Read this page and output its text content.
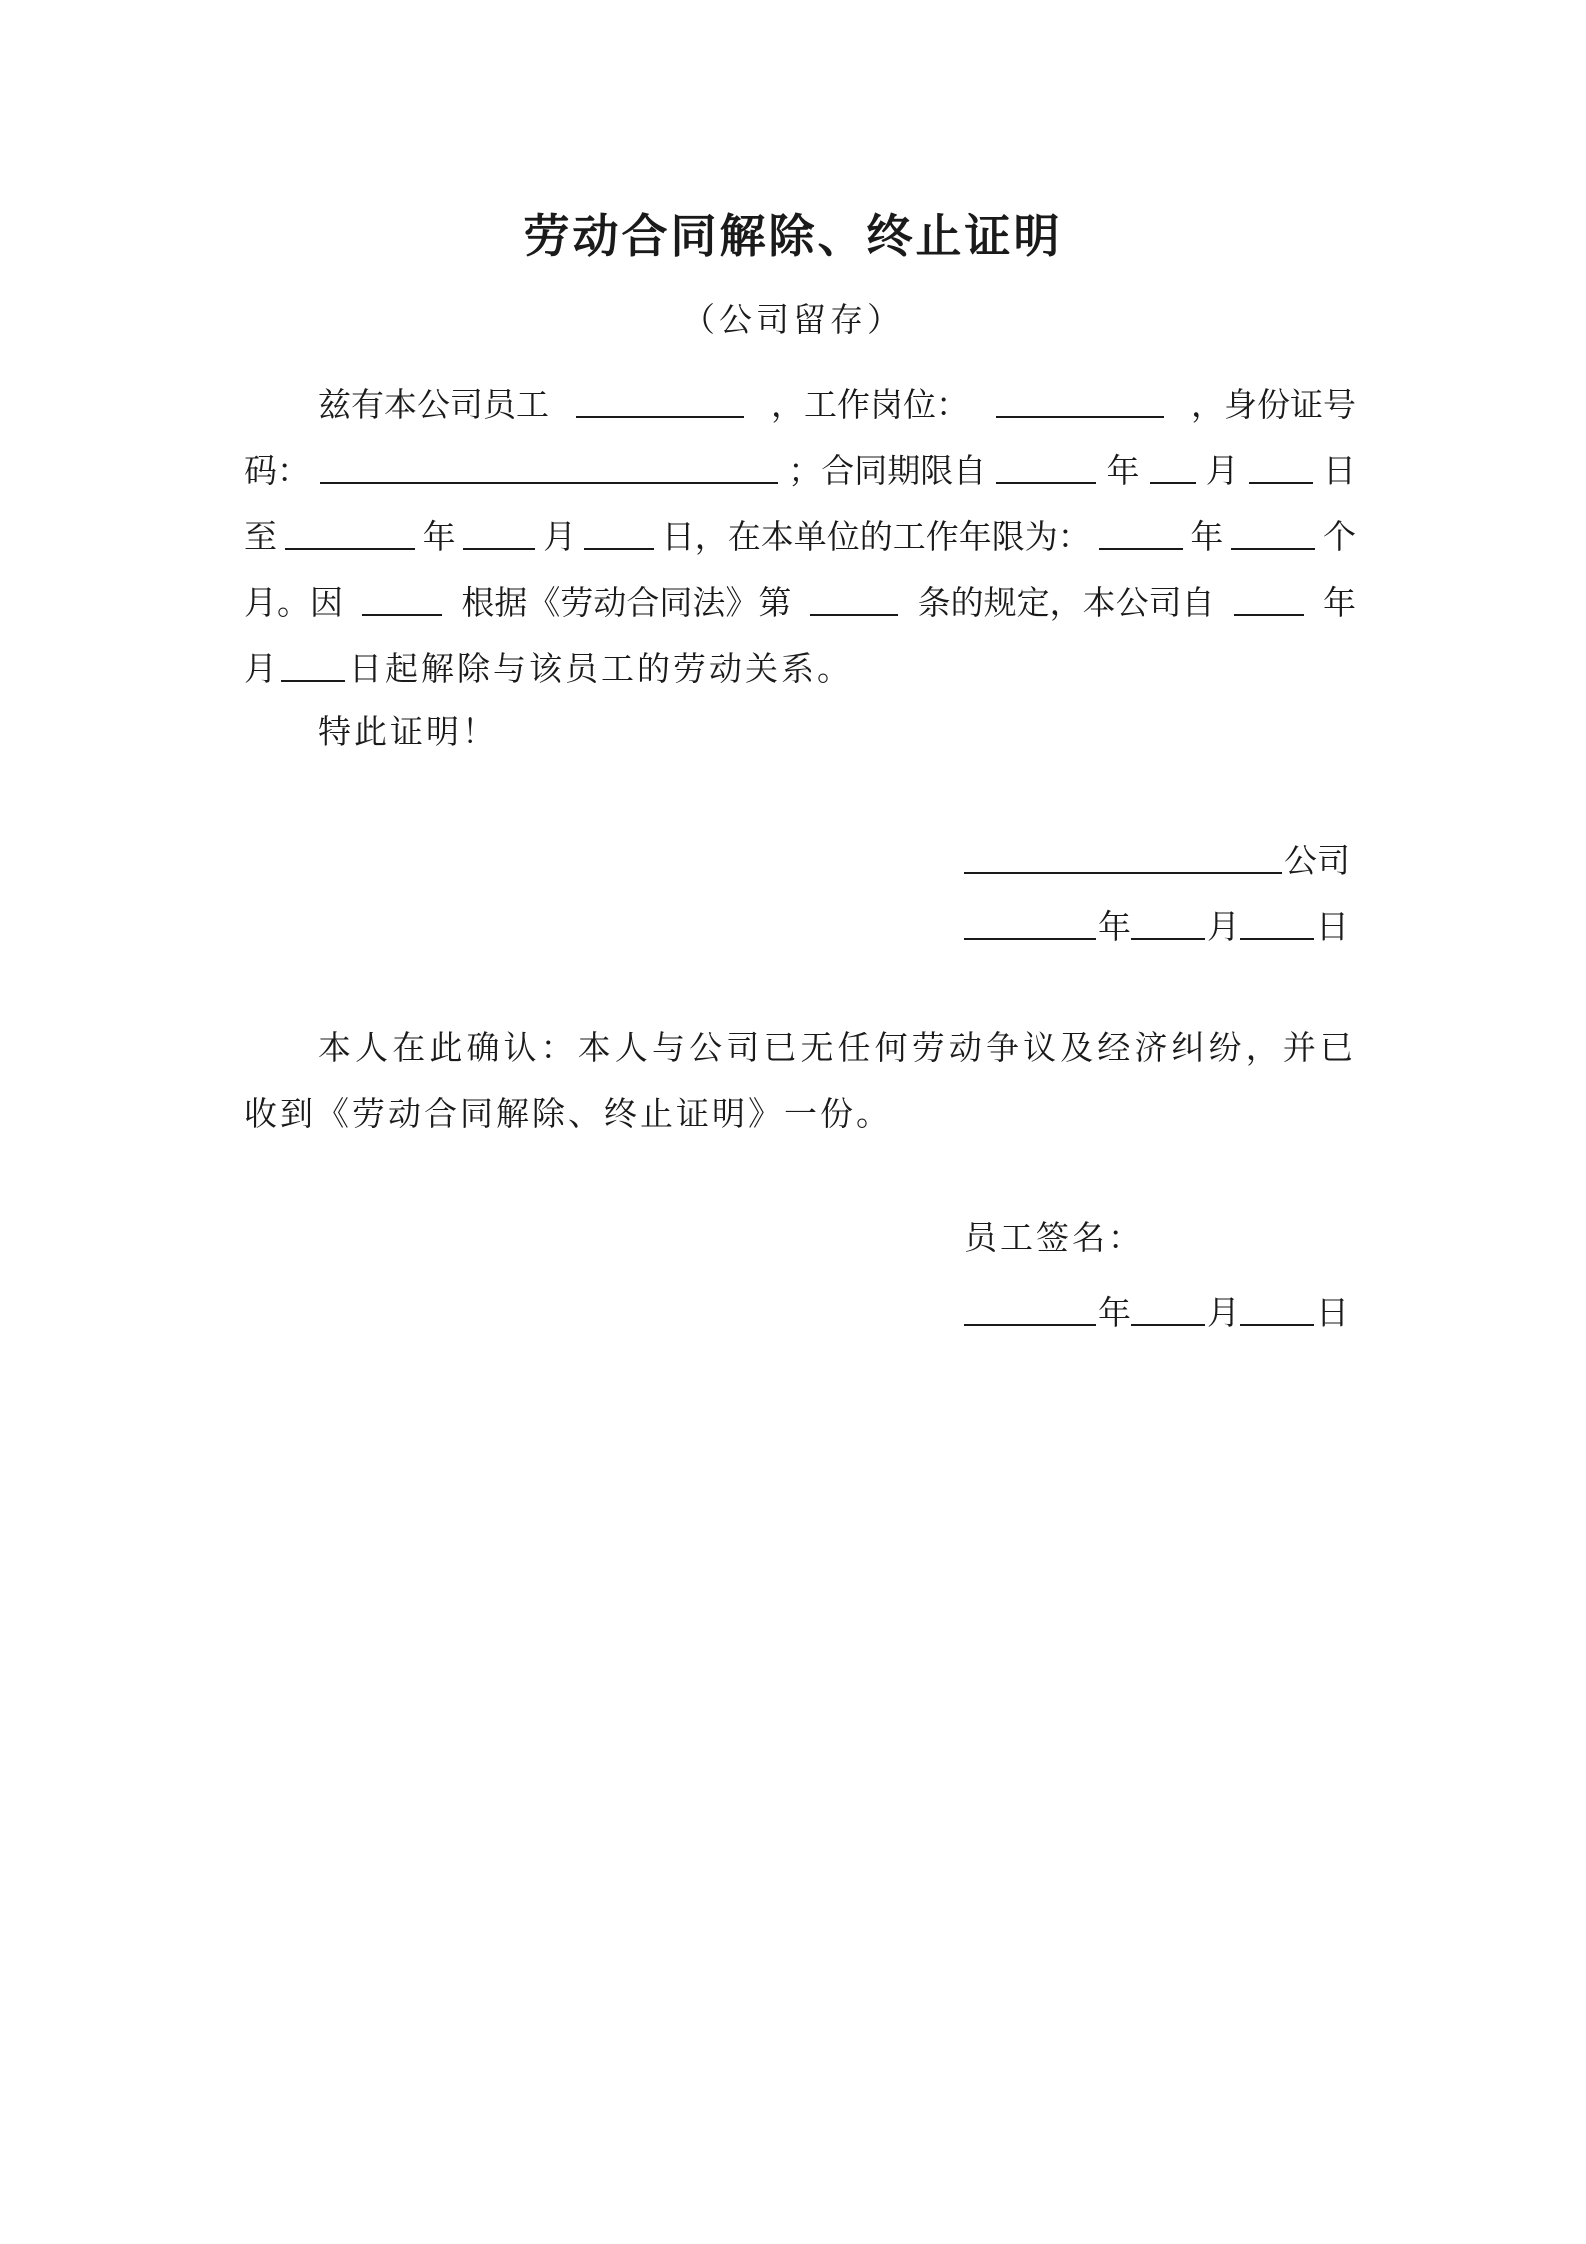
劳动合同解除、终止证明
（公司留存）
兹有本公司员工	，工作岗位：	，身份证号
码：	；合同期限自	年 月	日
至	年	月	日，在本单位的工作年限为：	年	个
月。因	根据《劳动合同法》第	条的规定，本公司自	年
月 日起解除与该员工的劳动关系。
特此证明！
公司
年 月 日
本人在此确认：本人与公司已无任何劳动争议及经济纠纷，并已
收到《劳动合同解除、终止证明》一份。
员工签名：
年 月 日
